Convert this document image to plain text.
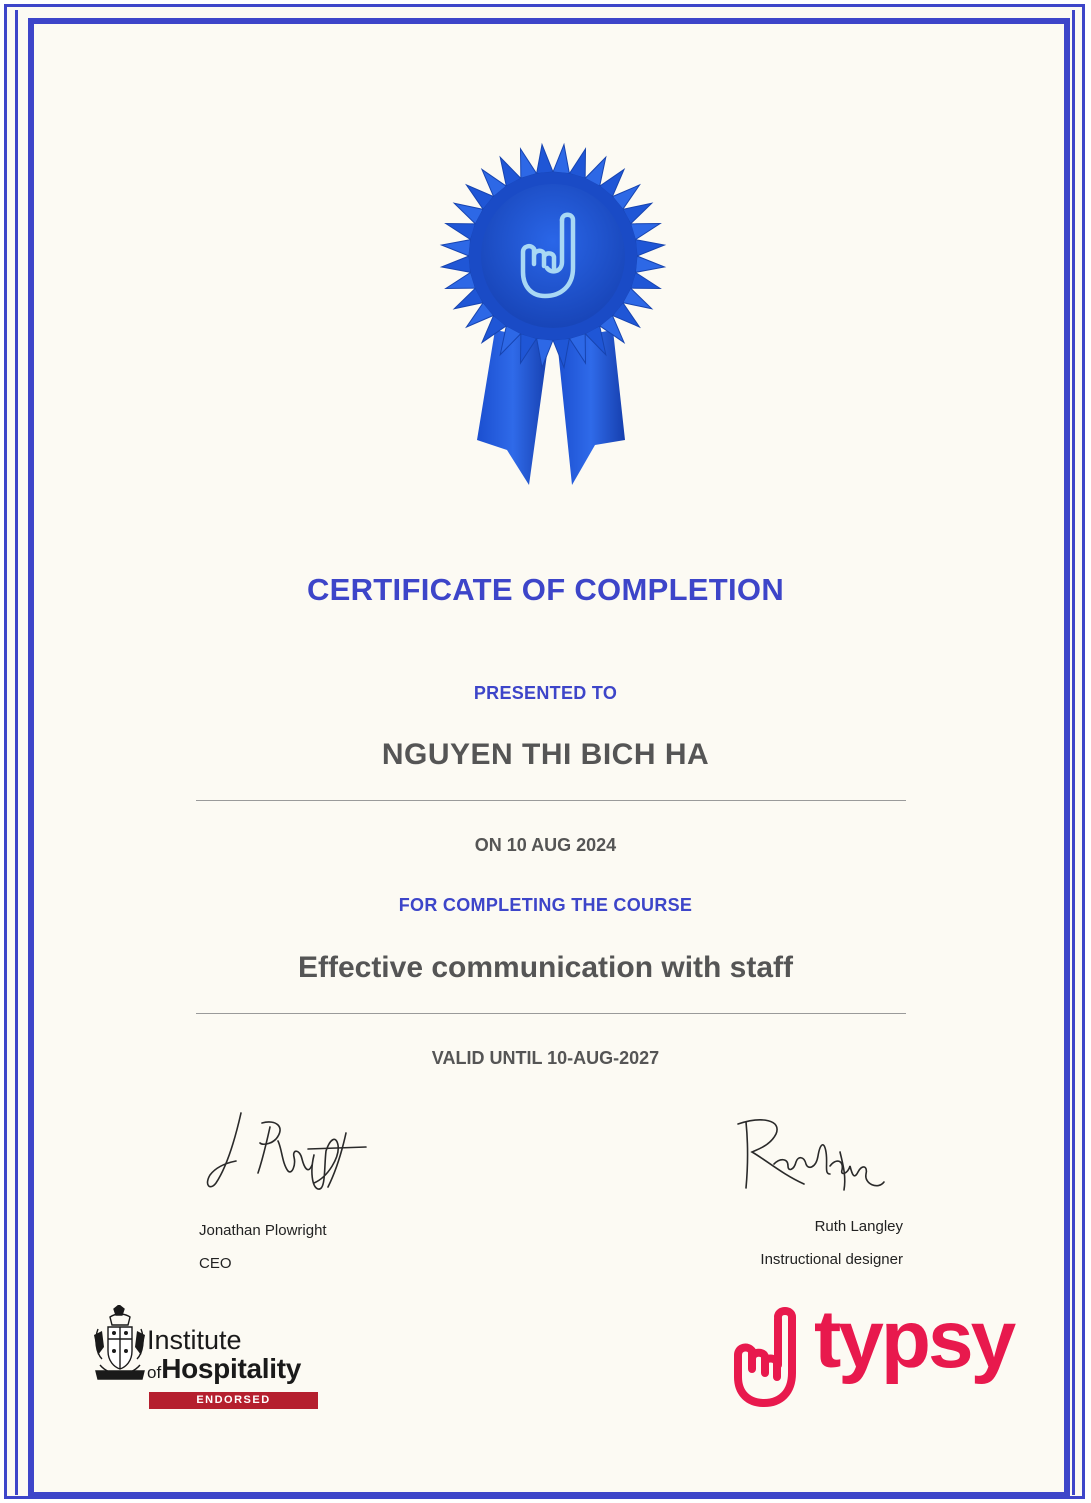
CERTIFICATE OF COMPLETION

PRESENTED TO

NGUYEN THI BICH HA

ON 10 AUG 2024

FOR COMPLETING THE COURSE

Effective communication with staff

VALID UNTIL 10-AUG-2027

Jonathan Plowright

CEO

Ruth Langley

Instructional designer

Institute
ofHospitality
ENDORSED
typsy
